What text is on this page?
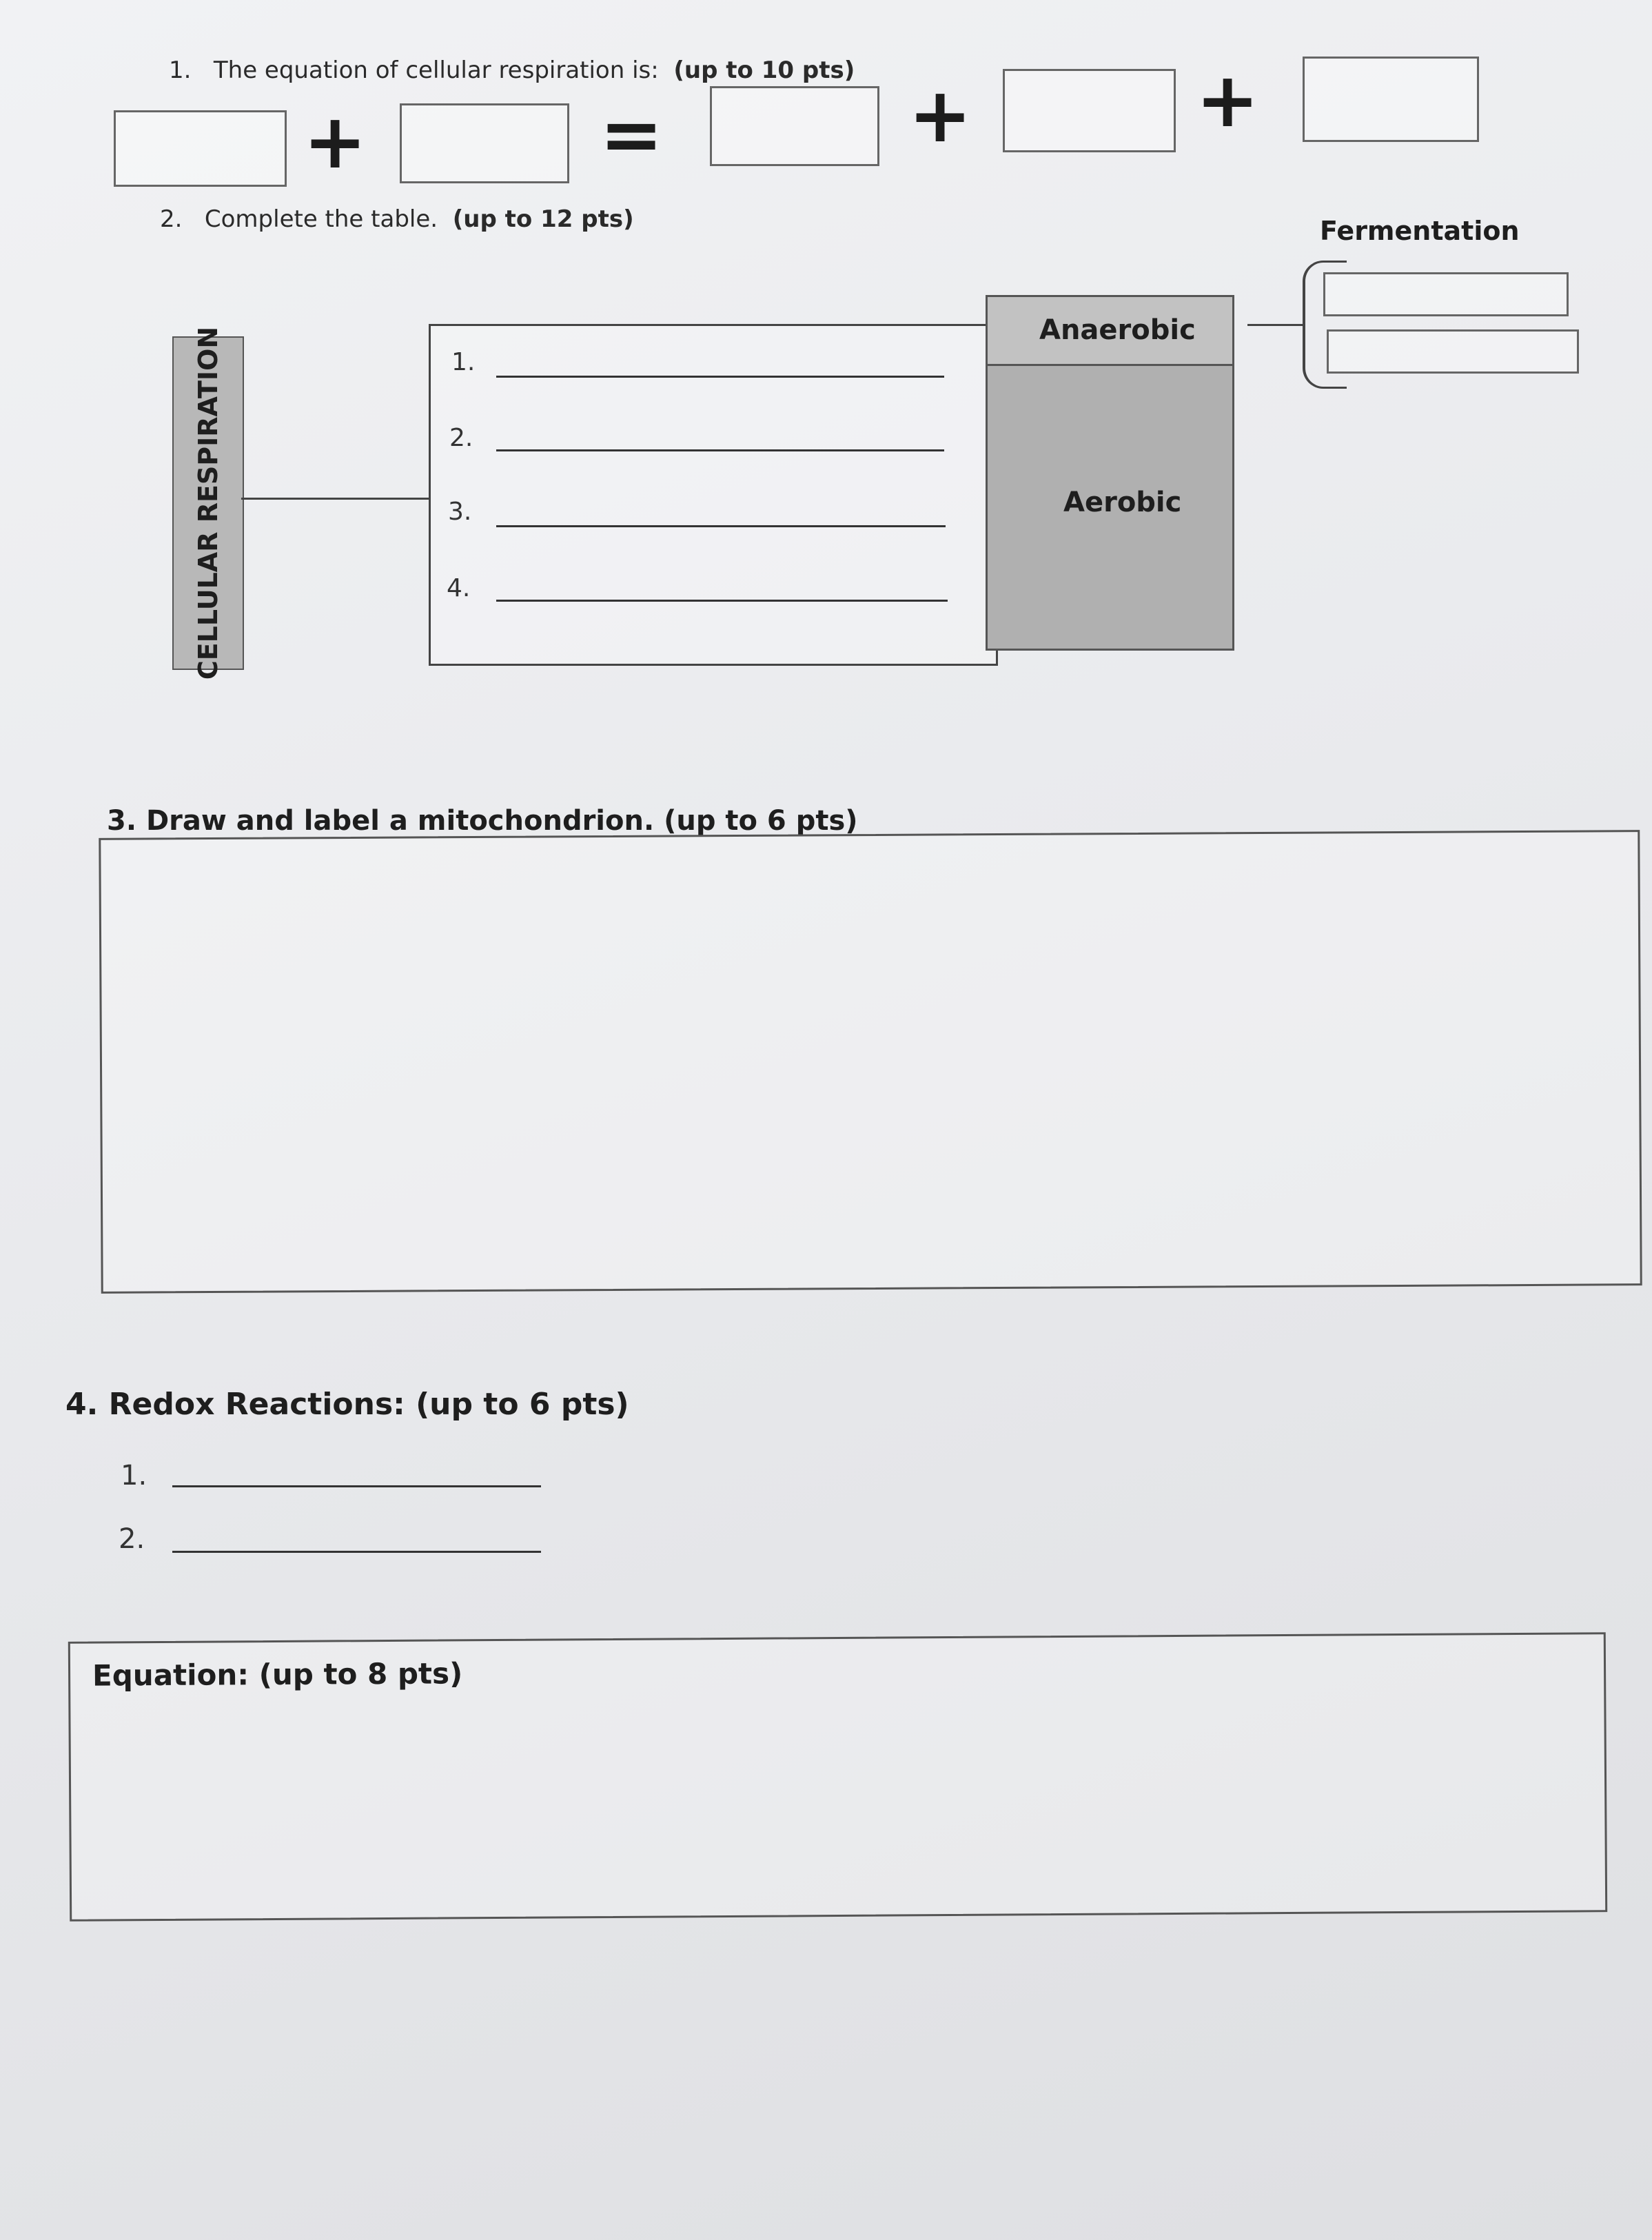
1. The equation of cellular respiration is: (up to 10 pts)
+	=	+	+
2. Complete the table. (up to 12 pts)
CELLULAR RESPIRATION	1.
2.
3.
4.
Anaerobic
Aerobic
Fermentation
3. Draw and label a mitochondrion. (up to 6 pts)
4. Redox Reactions: (up to 6 pts)
1.
2.
Equation: (up to 8 pts)
